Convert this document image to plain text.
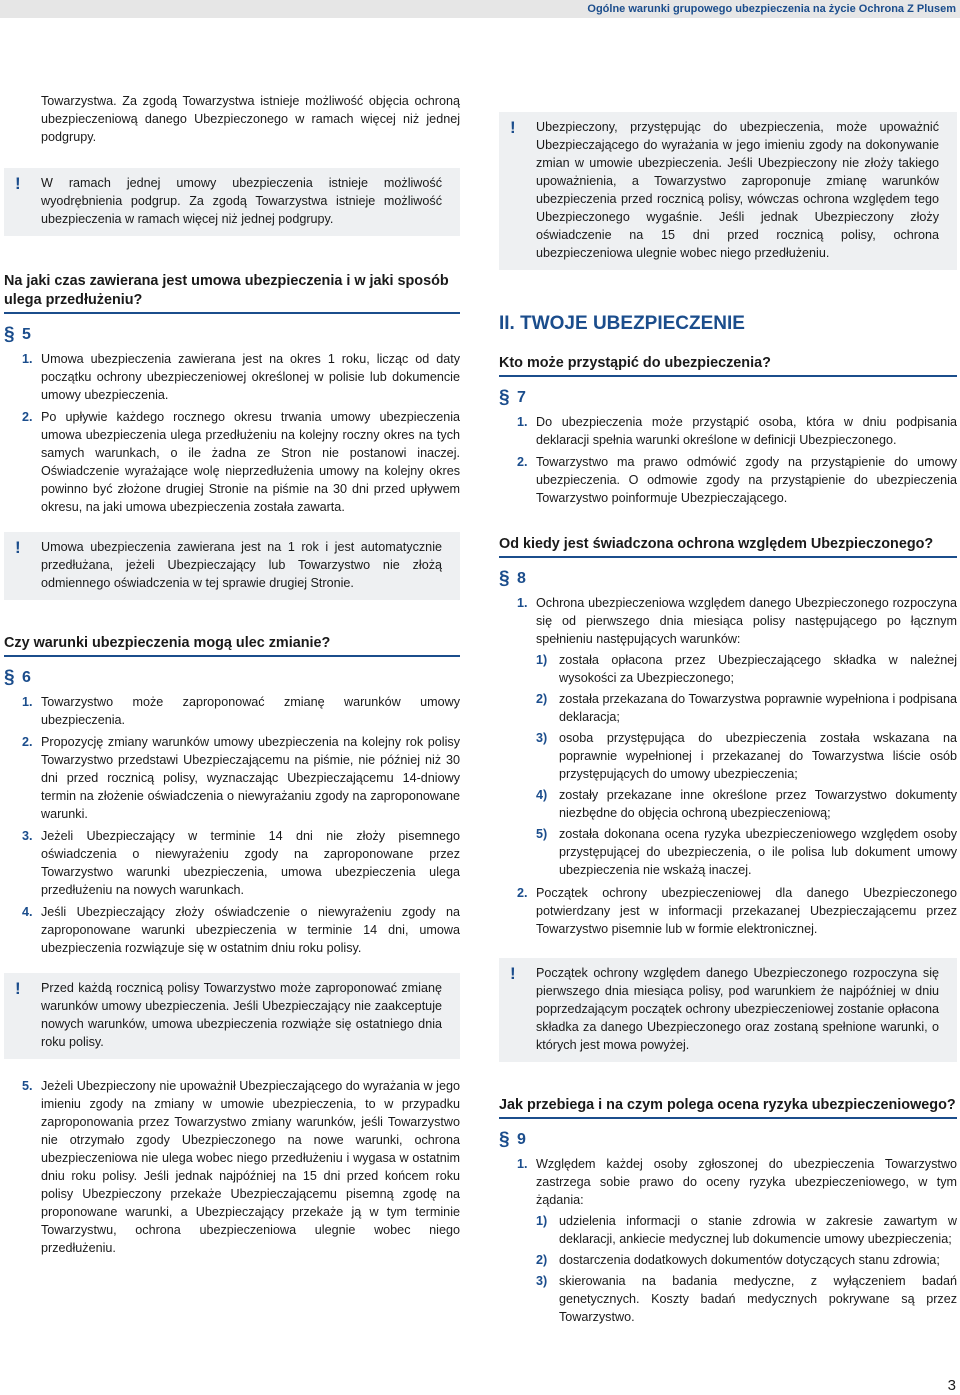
Ogólne warunki grupowego ubezpieczenia na życie Ochrona Z Plusem
Towarzystwa. Za zgodą Towarzystwa istnieje możliwość objęcia ochroną ubezpieczeniową danego Ubezpieczonego w ramach więcej niż jednej podgrupy.
! W ramach jednej umowy ubezpieczenia istnieje możliwość wyodrębnienia podgrup. Za zgodą Towarzystwa istnieje możliwość ubezpieczenia w ramach więcej niż jednej podgrupy.
Na jaki czas zawierana jest umowa ubezpieczenia i w jaki sposób ulega przedłużeniu?
§ 5
1. Umowa ubezpieczenia zawierana jest na okres 1 roku, licząc od daty początku ochrony ubezpieczeniowej określonej w polisie lub dokumencie umowy ubezpieczenia.
2. Po upływie każdego rocznego okresu trwania umowy ubezpieczenia umowa ubezpieczenia ulega przedłużeniu na kolejny roczny okres na tych samych warunkach, o ile żadna ze Stron nie postanowi inaczej. Oświadczenie wyrażające wolę nieprzedłużenia umowy na kolejny okres powinno być złożone drugiej Stronie na piśmie na 30 dni przed upływem okresu, na jaki umowa ubezpieczenia została zawarta.
! Umowa ubezpieczenia zawierana jest na 1 rok i jest automatycznie przedłużana, jeżeli Ubezpieczający lub Towarzystwo nie złożą odmiennego oświadczenia w tej sprawie drugiej Stronie.
Czy warunki ubezpieczenia mogą ulec zmianie?
§ 6
1. Towarzystwo może zaproponować zmianę warunków umowy ubezpieczenia.
2. Propozycję zmiany warunków umowy ubezpieczenia na kolejny rok polisy Towarzystwo przedstawi Ubezpieczającemu na piśmie, nie później niż 30 dni przed rocznicą polisy, wyznaczając Ubezpieczającemu 14-dniowy termin na złożenie oświadczenia o niewyrażaniu zgody na zaproponowane warunki.
3. Jeżeli Ubezpieczający w terminie 14 dni nie złoży pisemnego oświadczenia o niewyrażeniu zgody na zaproponowane przez Towarzystwo warunki ubezpieczenia, umowa ubezpieczenia ulega przedłużeniu na nowych warunkach.
4. Jeśli Ubezpieczający złoży oświadczenie o niewyrażeniu zgody na zaproponowane warunki ubezpieczenia w terminie 14 dni, umowa ubezpieczenia rozwiązuje się w ostatnim dniu roku polisy.
! Przed każdą rocznicą polisy Towarzystwo może zaproponować zmianę warunków umowy ubezpieczenia. Jeśli Ubezpieczający nie zaakceptuje nowych warunków, umowa ubezpieczenia rozwiąże się ostatniego dnia roku polisy.
5. Jeżeli Ubezpieczony nie upoważnił Ubezpieczającego do wyrażania w jego imieniu zgody na zmiany w umowie ubezpieczenia, to w przypadku zaproponowania przez Towarzystwo zmiany warunków, jeśli Towarzystwo nie otrzymało zgody Ubezpieczonego na nowe warunki, ochrona ubezpieczeniowa nie ulega wobec niego przedłużeniu i wygasa w ostatnim dniu roku polisy. Jeśli jednak najpóźniej na 15 dni przed końcem roku polisy Ubezpieczony przekaże Ubezpieczającemu pisemną zgodę na proponowane warunki, a Ubezpieczający przekaże ją w tym terminie Towarzystwu, ochrona ubezpieczeniowa ulegnie wobec niego przedłużeniu.
! Ubezpieczony, przystępując do ubezpieczenia, może upoważnić Ubezpieczającego do wyrażania w jego imieniu zgody na dokonywanie zmian w umowie ubezpieczenia. Jeśli Ubezpieczony nie złoży takiego upoważnienia, a Towarzystwo zaproponuje zmianę warunków ubezpieczenia przed rocznicą polisy, wówczas ochrona względem tego Ubezpieczonego wygaśnie. Jeśli jednak Ubezpieczony złoży oświadczenie na 15 dni przed rocznicą polisy, ochrona ubezpieczeniowa ulegnie wobec niego przedłużeniu.
II. TWOJE UBEZPIECZENIE
Kto może przystąpić do ubezpieczenia?
§ 7
1. Do ubezpieczenia może przystąpić osoba, która w dniu podpisania deklaracji spełnia warunki określone w definicji Ubezpieczonego.
2. Towarzystwo ma prawo odmówić zgody na przystąpienie do umowy ubezpieczenia. O odmowie zgody na przystąpienie do ubezpieczenia Towarzystwo poinformuje Ubezpieczającego.
Od kiedy jest świadczona ochrona względem Ubezpieczonego?
§ 8
1. Ochrona ubezpieczeniowa względem danego Ubezpieczonego rozpoczyna się od pierwszego dnia miesiąca polisy następującego po łącznym spełnieniu następujących warunków:
1) została opłacona przez Ubezpieczającego składka w należnej wysokości za Ubezpieczonego;
2) została przekazana do Towarzystwa poprawnie wypełniona i podpisana deklaracja;
3) osoba przystępująca do ubezpieczenia została wskazana na poprawnie wypełnionej i przekazanej do Towarzystwa liście osób przystępujących do umowy ubezpieczenia;
4) zostały przekazane inne określone przez Towarzystwo dokumenty niezbędne do objęcia ochroną ubezpieczeniową;
5) została dokonana ocena ryzyka ubezpieczeniowego względem osoby przystępującej do ubezpieczenia, o ile polisa lub dokument umowy ubezpieczenia nie wskażą inaczej.
2. Początek ochrony ubezpieczeniowej dla danego Ubezpieczonego potwierdzany jest w informacji przekazanej Ubezpieczającemu przez Towarzystwo pisemnie lub w formie elektronicznej.
! Początek ochrony względem danego Ubezpieczonego rozpoczyna się pierwszego dnia miesiąca polisy, pod warunkiem że najpóźniej w dniu poprzedzającym początek ochrony ubezpieczeniowej zostanie opłacona składka za danego Ubezpieczonego oraz zostaną spełnione warunki, o których jest mowa powyżej.
Jak przebiega i na czym polega ocena ryzyka ubezpieczeniowego?
§ 9
1. Względem każdej osoby zgłoszonej do ubezpieczenia Towarzystwo zastrzega sobie prawo do oceny ryzyka ubezpieczeniowego, w tym żądania:
1) udzielenia informacji o stanie zdrowia w zakresie zawartym w deklaracji, ankiecie medycznej lub dokumencie umowy ubezpieczenia;
2) dostarczenia dodatkowych dokumentów dotyczących stanu zdrowia;
3) skierowania na badania medyczne, z wyłączeniem badań genetycznych. Koszty badań medycznych pokrywane są przez Towarzystwo.
3
